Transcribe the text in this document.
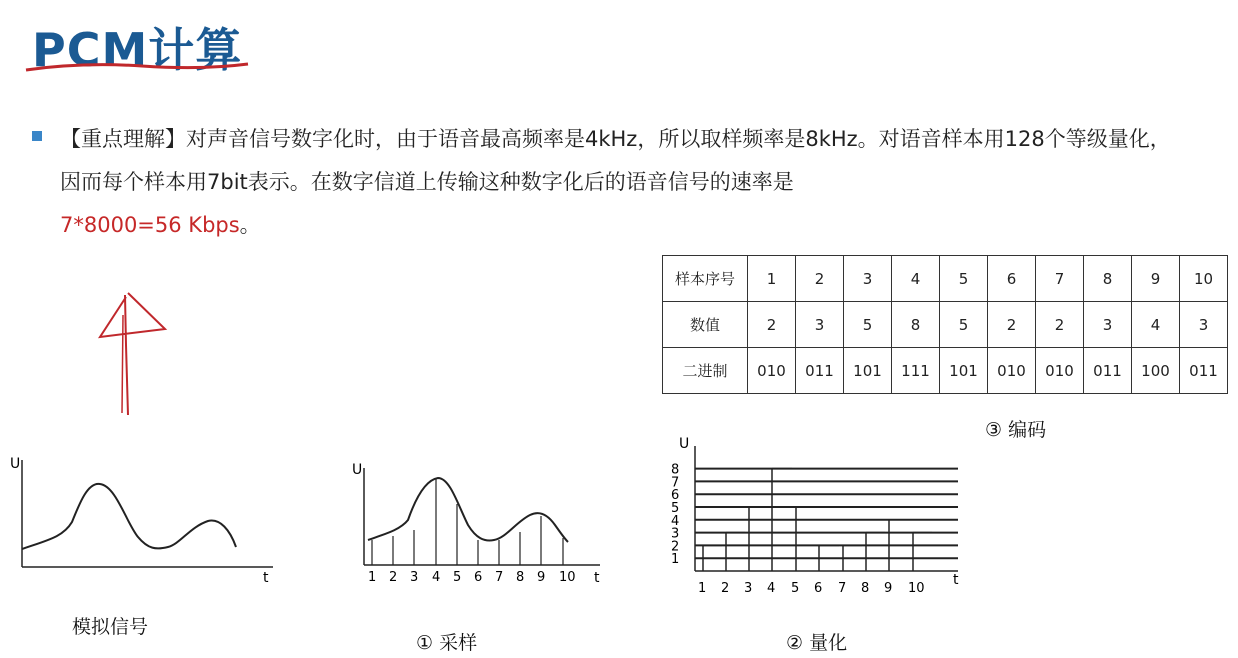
PCM计算
【重点理解】对声音信号数字化时，由于语音最高频率是4kHz，所以取样频率是8kHz。对语音样本用128个等级量化，因而每个样本用7bit表示。在数字信道上传输这种数字化后的语音信号的速率是
7*8000=56 Kbps。
样本序号	1	2	3	4	5	6	7	8	9	10
数值	2	3	5	8	5	2	2	3	4	3
二进制	010	011	101	111	101	010	010	011	100	011
③ 编码
U
t
模拟信号
U
t
1 2 3 4 5 6 7 8 9 10
① 采样
U
t
1
2
3
4
5
6
7
8
1 2 3 4 5 6 7 8 9 10
② 量化
